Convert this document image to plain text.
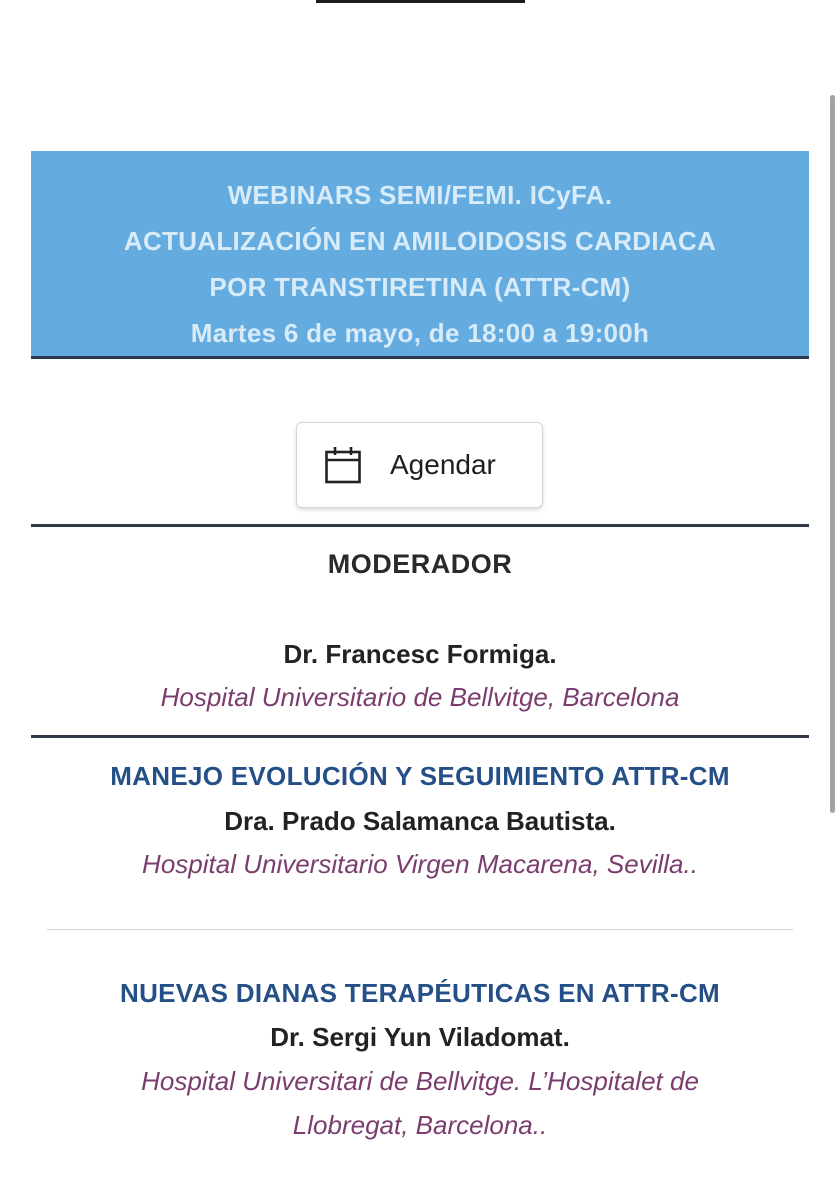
WEBINARS SEMI/FEMI. ICyFA.
ACTUALIZACIÓN EN AMILOIDOSIS CARDIACA
POR TRANSTIRETINA (ATTR-CM)
Martes 6 de mayo, de 18:00 a 19:00h
Agendar
MODERADOR
Dr. Francesc Formiga.
Hospital Universitario de Bellvitge, Barcelona
MANEJO EVOLUCIÓN Y SEGUIMIENTO ATTR-CM
Dra. Prado Salamanca Bautista.
Hospital Universitario Virgen Macarena, Sevilla..
NUEVAS DIANAS TERAPÉUTICAS EN ATTR-CM
Dr. Sergi Yun Viladomat.
Hospital Universitari de Bellvitge. L’Hospitalet de
Llobregat, Barcelona..
